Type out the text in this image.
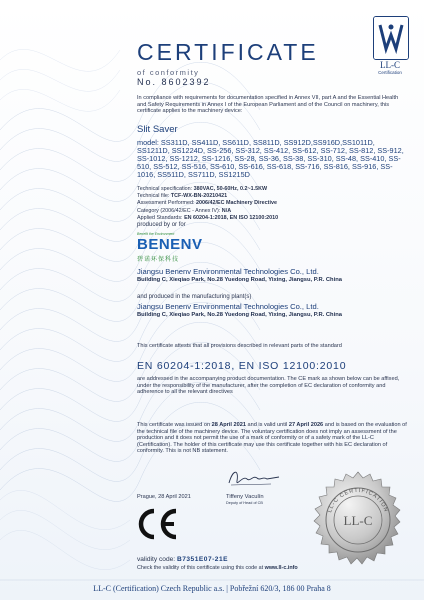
CERTIFICATE
of conformity
No. 8602392
LL-C
Certification
In compliance with requirements for documentation specified in Annex VII, part A and the Essential Health and Safety Requirements in Annex I of the European Parliament and of the Council on machinery, this certificate applies to the machinery device:
Slit Saver
model: SS311D, SS411D, SS611D, SS811D, SS912D,SS916D,SS1011D, SS1211D, SS1224D, SS-256, SS-312, SS-412, SS-612, SS-712, SS-812, SS-912, SS-1012, SS-1212, SS-1216, SS-28, SS-36, SS-38, SS-310, SS-48, SS-410, SS-510, SS-512, SS-516, SS-610, SS-616, SS-618, SS-716, SS-816, SS-916, SS-1016, SS511D, SS711D, SS1215D
Technical specification: 380VAC, 50-60Hz, 0.2~1.5KW
Technical file: TCF-WX-BN-20210421
Assessment Performed: 2006/42/EC Machinery Directive
Category (2006/42/EC - Annex IV): N/A
Applied Standards: EN 60204-1:2018, EN ISO 12100:2010
produced by or for
Benefit the Environment
BENENV
碧诺环保科技
Jiangsu Benenv Environmental Technologies Co., Ltd.
Building C, Xieqiao Park, No.28 Yuedong Road, Yixing, Jiangsu, P.R. China
and produced in the manufacturing plant(s)
Jiangsu Benenv Environmental Technologies Co., Ltd.
Building C, Xieqiao Park, No.28 Yuedong Road, Yixing, Jiangsu, P.R. China
This certificate attests that all provisions described in relevant parts of the standard
EN 60204-1:2018, EN ISO 12100:2010
are addressed in the accompanying product documentation. The CE mark as shown below can be affixed, under the responsibility of the manufacturer, after the completion of EC declaration of conformity and adherence to all the relevant directives
This certificate was issued on 28 April 2021 and is valid until 27 April 2026 and is based on the evaluation of the technical file of the machinery device. The voluntary certification does not imply an assessment of the production and it does not permit the use of a mark of conformity or of a safety mark of the LL-C (Certification). The holder of this certificate may use this certificate together with his EC declaration of conformity. This is not NB statement.
Prague, 28 April 2021	Tiffeny Vaculín
Deputy of Head of CB
validity code: B7351E07-21E
Check the validity of this certificate using this code at www.ll-c.info
LL-C
LL-C CERTIFICATION
LL-C (Certification) Czech Republic a.s. | Pobřežní 620/3, 186 00 Praha 8
